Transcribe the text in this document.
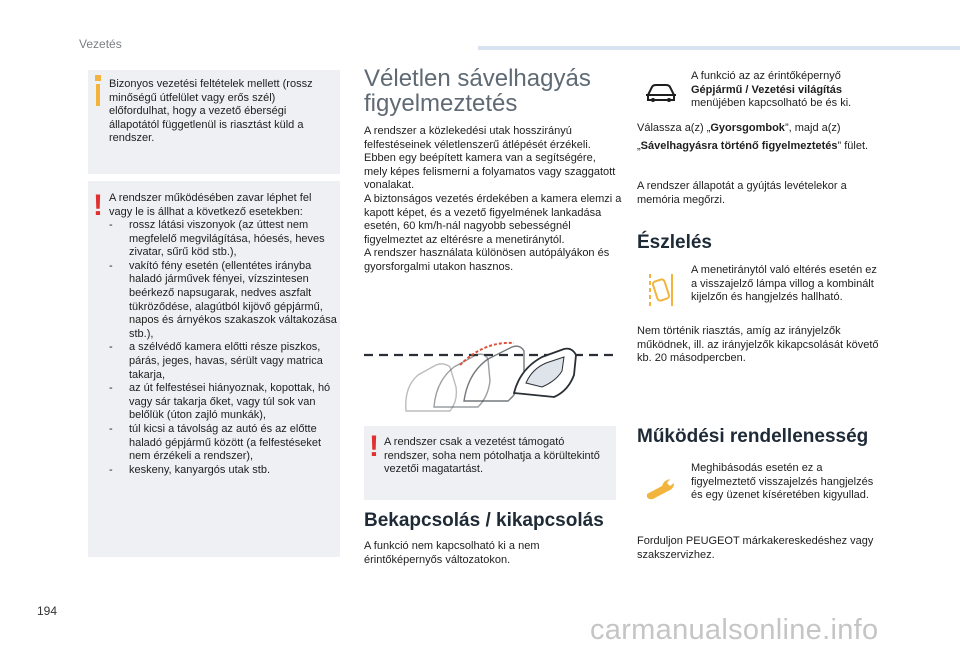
Vezetés
Bizonyos vezetési feltételek mellett (rossz minőségű útfelület vagy erős szél) előfordulhat, hogy a vezető éberségi állapotától függetlenül is riasztást küld a rendszer.
! A rendszer működésében zavar léphet fel vagy le is állhat a következő esetekben:
- rossz látási viszonyok (az úttest nem megfelelő megvilágítása, hóesés, heves zivatar, sűrű köd stb.),
- vakító fény esetén (ellentétes irányba haladó járművek fényei, vízszintesen beérkező napsugarak, nedves aszfalt tükröződése, alagútból kijövő gépjármű, napos és árnyékos szakaszok váltakozása stb.),
- a szélvédő kamera előtti része piszkos, párás, jeges, havas, sérült vagy matrica takarja,
- az út felfestései hiányoznak, kopottak, hó vagy sár takarja őket, vagy túl sok van belőlük (úton zajló munkák),
- túl kicsi a távolság az autó és az előtte haladó gépjármű között (a felfestéseket nem érzékeli a rendszer),
- keskeny, kanyargós utak stb.
Véletlen sávelhagyás figyelmeztetés
A rendszer a közlekedési utak hosszirányú felfestéseinek véletlenszerű átlépését érzékeli. Ebben egy beépített kamera van a segítségére, mely képes felismerni a folyamatos vagy szaggatott vonalakat.
A biztonságos vezetés érdekében a kamera elemzi a kapott képet, és a vezető figyelmének lankadása esetén, 60 km/h-nál nagyobb sebességnél figyelmeztet az eltérésre a menetiránytól.
A rendszer használata különösen autópályákon és gyorsforgalmi utakon hasznos.
! A rendszer csak a vezetést támogató rendszer, soha nem pótolhatja a körültekintő vezetői magatartást.
Bekapcsolás / kikapcsolás
A funkció nem kapcsolható ki a nem érintőképernyős változatokon.
A funkció az az érintőképernyő
Gépjármű / Vezetési világítás
menüjében kapcsolható be és ki.
Válassza a(z) „Gyorsgombok”, majd a(z)
„Sávelhagyásra történő figyelmeztetés” fület.
A rendszer állapotát a gyújtás levételekor a memória megőrzi.
Észlelés
A menetiránytól való eltérés esetén ez a visszajelző lámpa villog a kombinált kijelzőn és hangjelzés hallható.
Nem történik riasztás, amíg az irányjelzők működnek, ill. az irányjelzők kikapcsolását követő kb. 20 másodpercben.
Működési rendellenesség
Meghibásodás esetén ez a figyelmeztető visszajelzés hangjelzés és egy üzenet kíséretében kigyullad.
Forduljon PEUGEOT márkakereskedéshez vagy szakszervizhez.
194
carmanualsonline.info
